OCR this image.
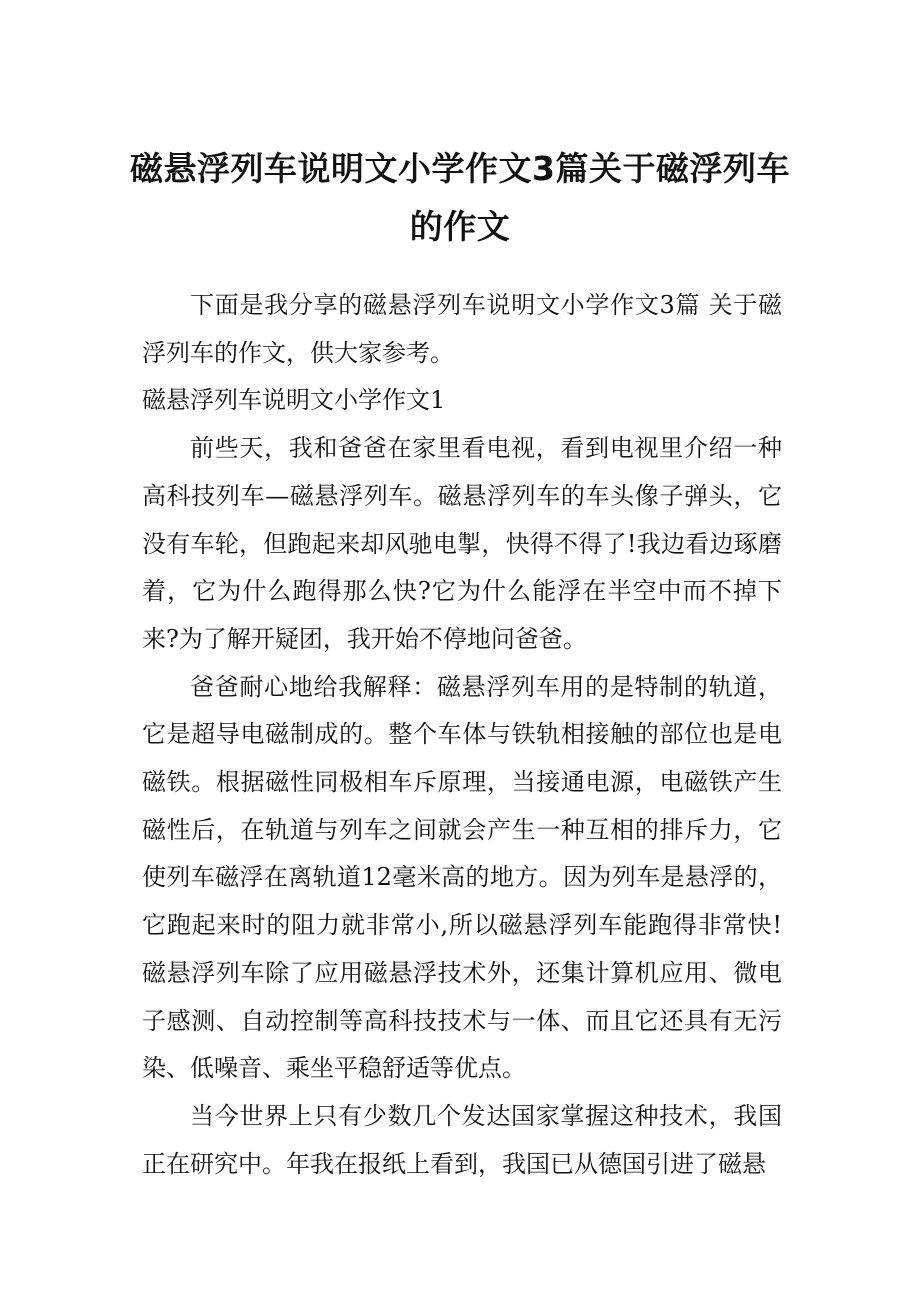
磁悬浮列车说明文小学作文3篇关于磁浮列车的作文

下面是我分享的磁悬浮列车说明文小学作文3篇 关于磁浮列车的作文，供大家参考。

磁悬浮列车说明文小学作文1

前些天，我和爸爸在家里看电视，看到电视里介绍一种高科技列车—磁悬浮列车。磁悬浮列车的车头像子弹头，它没有车轮，但跑起来却风驰电掣，快得不得了!我边看边琢磨着，它为什么跑得那么快?它为什么能浮在半空中而不掉下来?为了解开疑团，我开始不停地问爸爸。

爸爸耐心地给我解释：磁悬浮列车用的是特制的轨道，它是超导电磁制成的。整个车体与铁轨相接触的部位也是电磁铁。根据磁性同极相车斥原理，当接通电源，电磁铁产生磁性后，在轨道与列车之间就会产生一种互相的排斥力，它使列车磁浮在离轨道12毫米高的地方。因为列车是悬浮的，它跑起来时的阻力就非常小,所以磁悬浮列车能跑得非常快!磁悬浮列车除了应用磁悬浮技术外，还集计算机应用、微电子感测、自动控制等高科技技术与一体、而且它还具有无污染、低噪音、乘坐平稳舒适等优点。

当今世界上只有少数几个发达国家掌握这种技术，我国正在研究中。年我在报纸上看到，我国已从德国引进了磁悬
